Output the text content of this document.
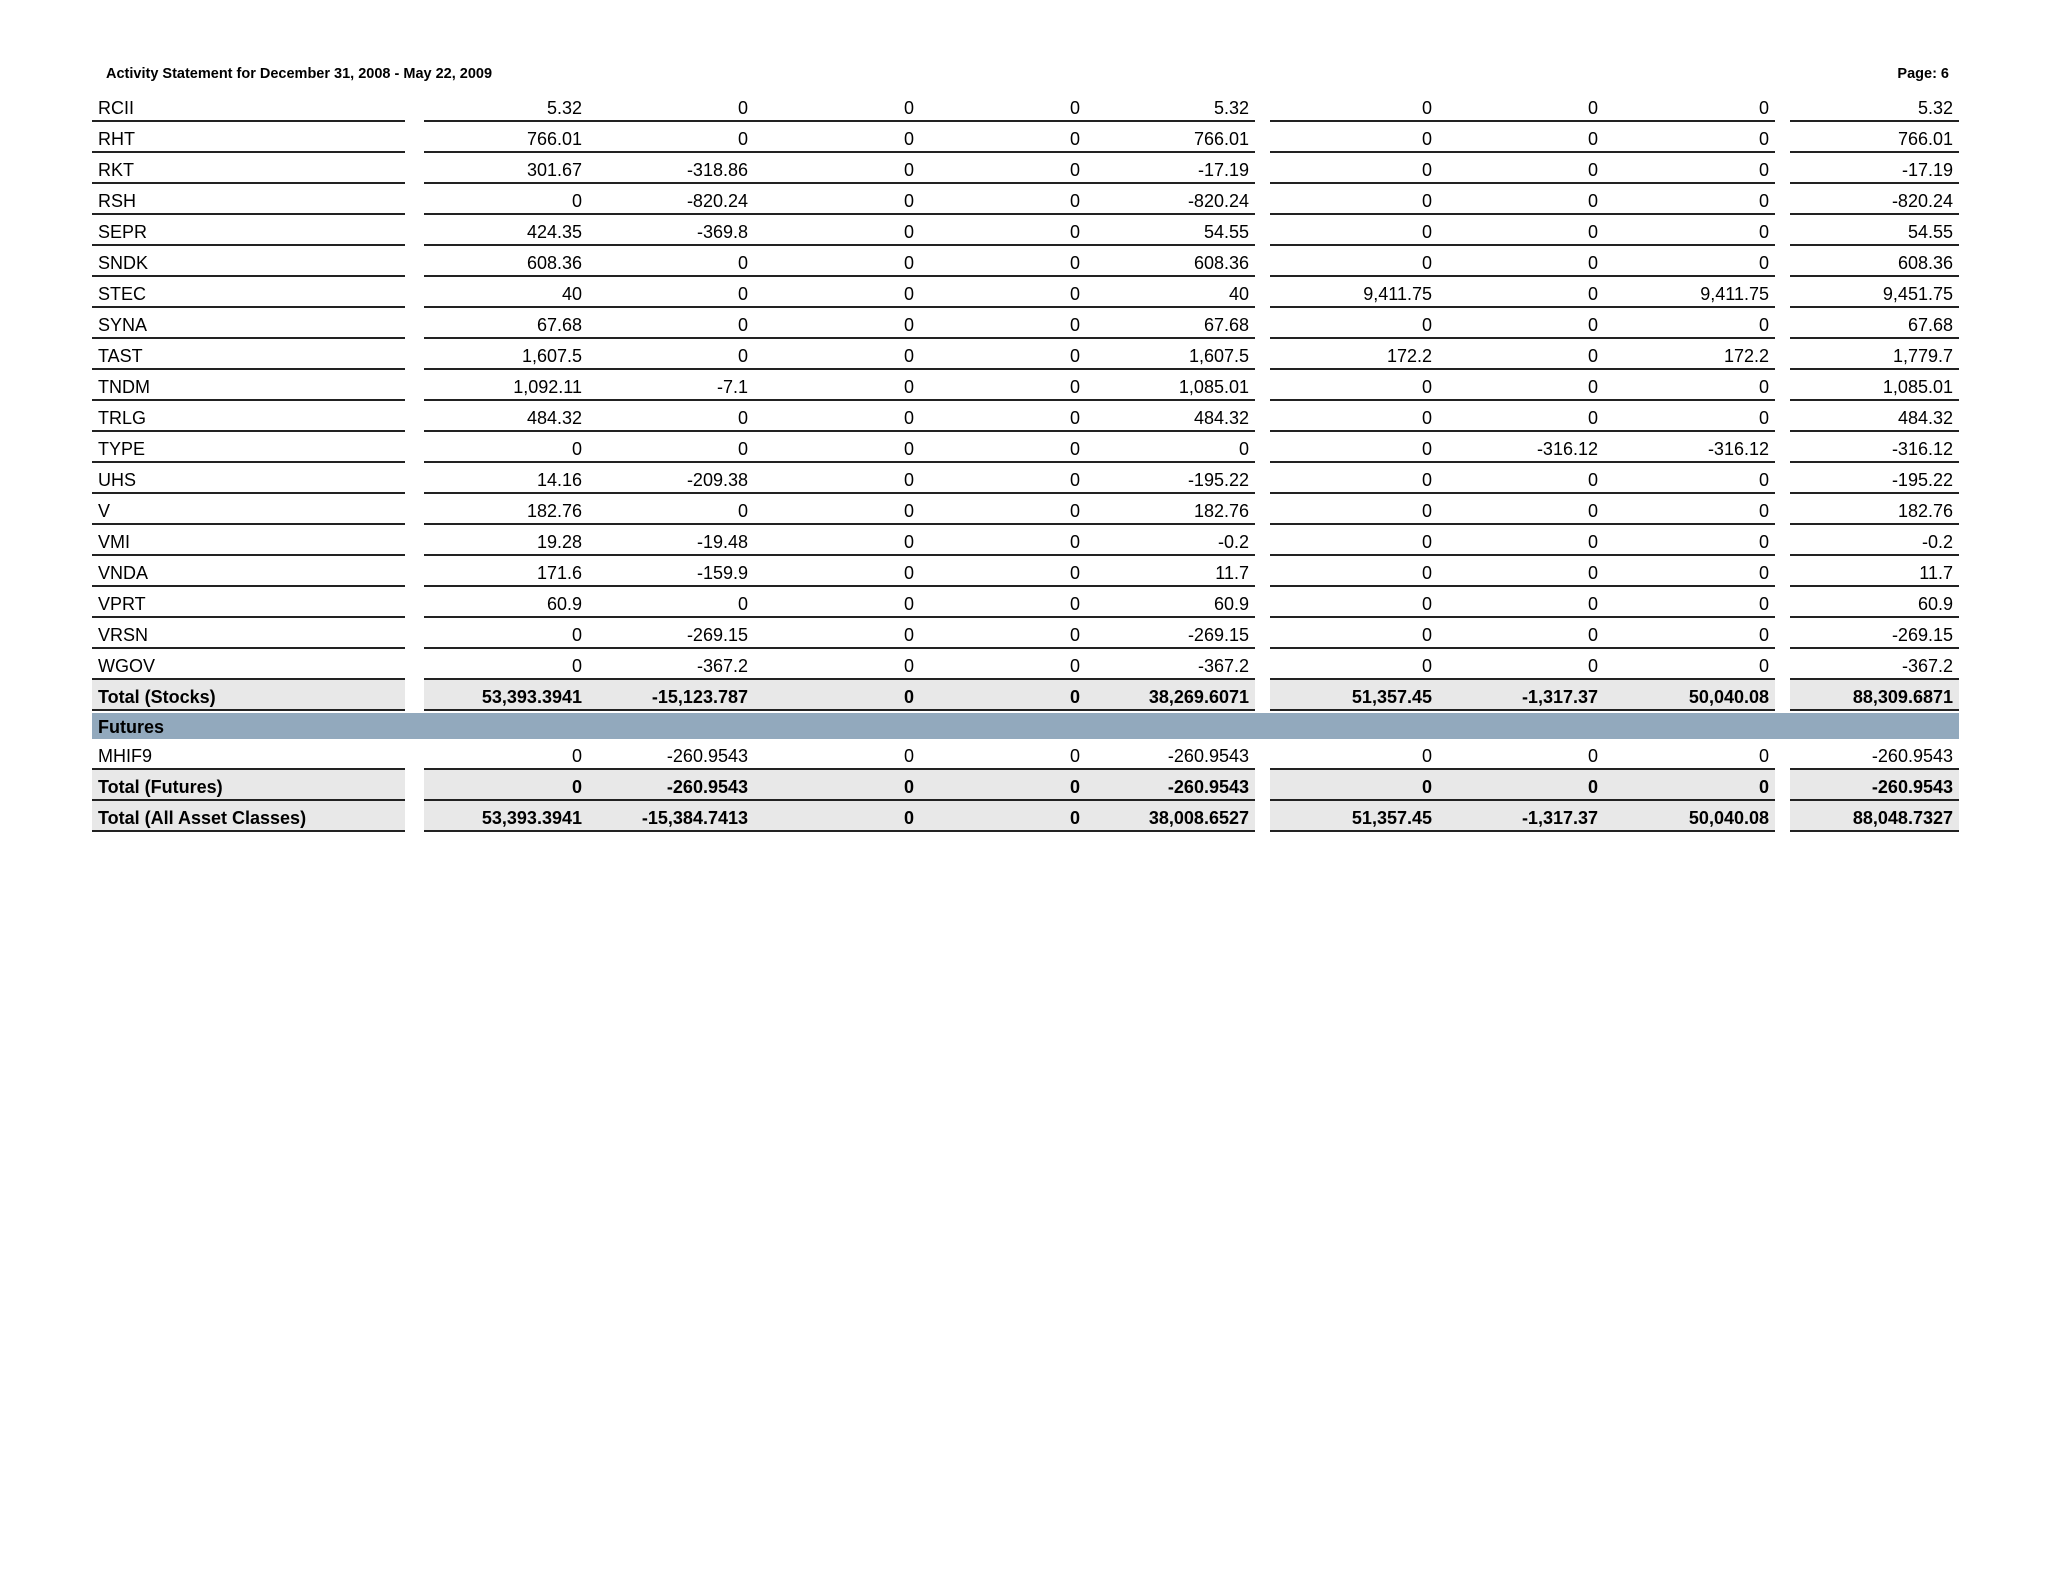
Activity Statement for December 31, 2008 - May 22, 2009	Page: 6
RCII	5.32	0	0	0	5.32	0	0	0	5.32
RHT	766.01	0	0	0	766.01	0	0	0	766.01
RKT	301.67	-318.86	0	0	-17.19	0	0	0	-17.19
RSH	0	-820.24	0	0	-820.24	0	0	0	-820.24
SEPR	424.35	-369.8	0	0	54.55	0	0	0	54.55
SNDK	608.36	0	0	0	608.36	0	0	0	608.36
STEC	40	0	0	0	40	9,411.75	0	9,411.75	9,451.75
SYNA	67.68	0	0	0	67.68	0	0	0	67.68
TAST	1,607.5	0	0	0	1,607.5	172.2	0	172.2	1,779.7
TNDM	1,092.11	-7.1	0	0	1,085.01	0	0	0	1,085.01
TRLG	484.32	0	0	0	484.32	0	0	0	484.32
TYPE	0	0	0	0	0	0	-316.12	-316.12	-316.12
UHS	14.16	-209.38	0	0	-195.22	0	0	0	-195.22
V	182.76	0	0	0	182.76	0	0	0	182.76
VMI	19.28	-19.48	0	0	-0.2	0	0	0	-0.2
VNDA	171.6	-159.9	0	0	11.7	0	0	0	11.7
VPRT	60.9	0	0	0	60.9	0	0	0	60.9
VRSN	0	-269.15	0	0	-269.15	0	0	0	-269.15
WGOV	0	-367.2	0	0	-367.2	0	0	0	-367.2
Total (Stocks)	53,393.3941	-15,123.787	0	0	38,269.6071	51,357.45	-1,317.37	50,040.08	88,309.6871
Futures
MHIF9	0	-260.9543	0	0	-260.9543	0	0	0	-260.9543
Total (Futures)	0	-260.9543	0	0	-260.9543	0	0	0	-260.9543
Total (All Asset Classes)	53,393.3941	-15,384.7413	0	0	38,008.6527	51,357.45	-1,317.37	50,040.08	88,048.7327
